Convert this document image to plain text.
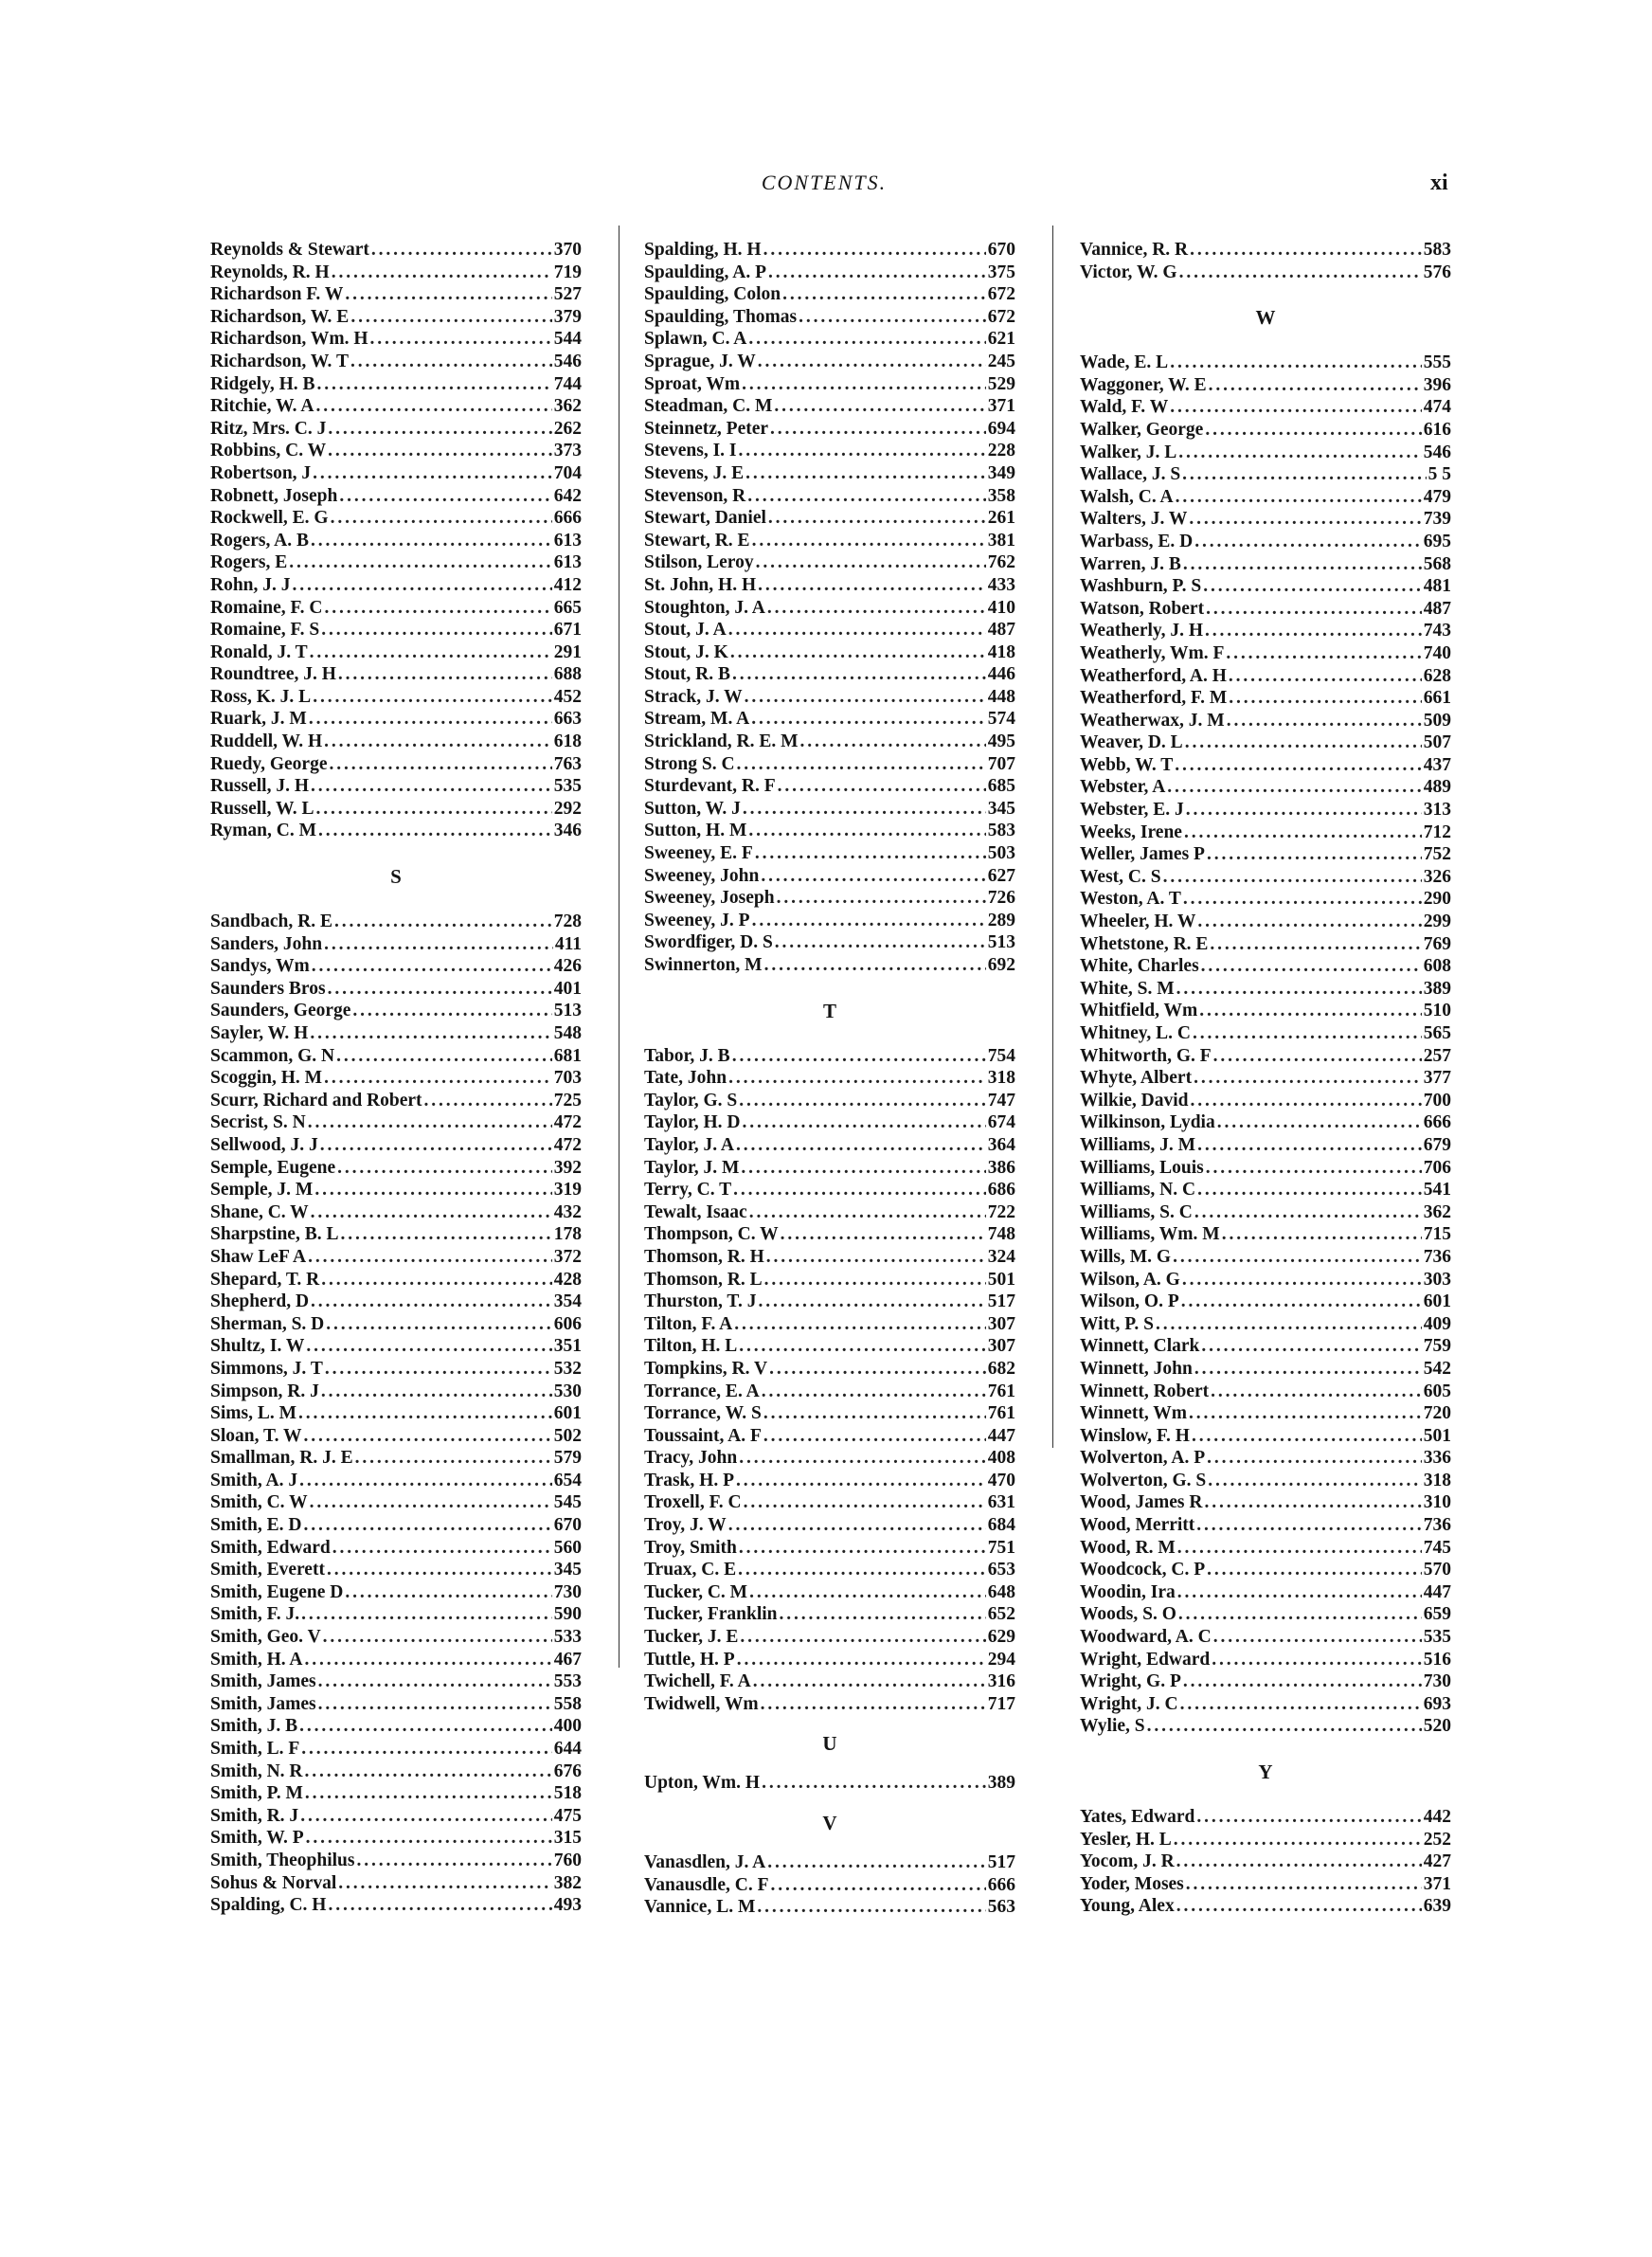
CONTENTS.	xi
Reynolds & Stewart . . .	370
Reynolds, R. H . . .	719
Richardson F. W . . .	527
Richardson, W. E . . .	379
Richardson, Wm. H . . .	544
Richardson, W. T . . .	546
Ridgely, H. B . . .	744
Ritchie, W. A . . .	362
Ritz, Mrs. C. J . . .	262
Robbins, C. W . . .	373
Robertson, J . . .	704
Robnett, Joseph . . .	642
Rockwell, E. G . . .	666
Rogers, A. B . . .	613
Rogers, E . . .	613
Rohn, J. J . . .	412
Romaine, F. C . . .	665
Romaine, F. S . . .	671
Ronald, J. T . . .	291
Roundtree, J. H . . .	688
Ross, K. J. L . . .	452
Ruark, J. M . . .	663
Ruddell, W. H . . .	618
Ruedy, George . . .	763
Russell, J. H . . .	535
Russell, W. L . . .	292
Ryman, C. M . . .	346
S
Sandbach, R. E . . .	728
Sanders, John . . .	411
Sandys, Wm . . .	426
Saunders Bros . . .	401
Saunders, George . . .	513
Sayler, W. H . . .	548
Scammon, G. N . . .	681
Scoggin, H. M . . .	703
Scurr, Richard and Robert . . .	725
Secrist, S. N . . .	472
Sellwood, J. J . . .	472
Semple, Eugene . . .	392
Semple, J. M . . .	319
Shane, C. W . . .	432
Sharpstine, B. L . . .	178
Shaw LeF A . . .	372
Shepard, T. R . . .	428
Shepherd, D . . .	354
Sherman, S. D . . .	606
Shultz, I. W . . .	351
Simmons, J. T . . .	532
Simpson, R. J . . .	530
Sims, L. M . . .	601
Sloan, T. W . . .	502
Smallman, R. J. E . . .	579
Smith, A. J . . .	654
Smith, C. W . . .	545
Smith, E. D . . .	670
Smith, Edward . . .	560
Smith, Everett . . .	345
Smith, Eugene D . . .	730
Smith, F. J. . . .	590
Smith, Geo. V . . .	533
Smith, H. A . . .	467
Smith, James . . .	553
Smith, James . . .	558
Smith, J. B . . .	400
Smith, L. F . . .	644
Smith, N. R . . .	676
Smith, P. M . . .	518
Smith, R. J . . .	475
Smith, W. P . . .	315
Smith, Theophilus . . .	760
Sohus & Norval . . .	382
Spalding, C. H . . .	493
Spalding, H. H . . .	670
Spaulding, A. P . . .	375
Spaulding, Colon . . .	672
Spaulding, Thomas . . .	672
Splawn, C. A . . .	621
Sprague, J. W . . .	245
Sproat, Wm . . .	529
Steadman, C. M . . .	371
Steinnetz, Peter . . .	694
Stevens, I. I . . .	228
Stevens, J. E . . .	349
Stevenson, R . . .	358
Stewart, Daniel . . .	261
Stewart, R. E . . .	381
Stilson, Leroy . . .	762
St. John, H. H . . .	433
Stoughton, J. A . . .	410
Stout, J. A . . .	487
Stout, J. K . . .	418
Stout, R. B . . .	446
Strack, J. W . . .	448
Stream, M. A . . .	574
Strickland, R. E. M . . .	495
Strong S. C . . .	707
Sturdevant, R. F . . .	685
Sutton, W. J . . .	345
Sutton, H. M . . .	583
Sweeney, E. F . . .	503
Sweeney, John . . .	627
Sweeney, Joseph . . .	726
Sweeney, J. P . . .	289
Swordfiger, D. S . . .	513
Swinnerton, M . . .	692
T
Tabor, J. B . . .	754
Tate, John . . .	318
Taylor, G. S . . .	747
Taylor, H. D . . .	674
Taylor, J. A . . .	364
Taylor, J. M . . .	386
Terry, C. T . . .	686
Tewalt, Isaac . . .	722
Thompson, C. W . . .	748
Thomson, R. H . . .	324
Thomson, R. L . . .	501
Thurston, T. J . . .	517
Tilton, F. A . . .	307
Tilton, H. L . . .	307
Tompkins, R. V . . .	682
Torrance, E. A . . .	761
Torrance, W. S . . .	761
Toussaint, A. F . . .	447
Tracy, John . . .	408
Trask, H. P . . .	470
Troxell, F. C . . .	631
Troy, J. W . . .	684
Troy, Smith . . .	751
Truax, C. E . . .	653
Tucker, C. M . . .	648
Tucker, Franklin . . .	652
Tucker, J. E . . .	629
Tuttle, H. P . . .	294
Twichell, F. A . . .	316
Twidwell, Wm . . .	717
U
Upton, Wm. H . . .	389
V
Vanasdlen, J. A . . .	517
Vanausdle, C. F . . .	666
Vannice, L. M . . .	563
Vannice, R. R . . .	583
Victor, W. G . . .	576
W
Wade, E. L . . .	555
Waggoner, W. E . . .	396
Wald, F. W . . .	474
Walker, George . . .	616
Walker, J. L . . .	546
Wallace, J. S . . .	5 5
Walsh, C. A . . .	479
Walters, J. W . . .	739
Warbass, E. D . . .	695
Warren, J. B . . .	568
Washburn, P. S . . .	481
Watson, Robert . . .	487
Weatherly, J. H . . .	743
Weatherly, Wm. F . . .	740
Weatherford, A. H . . .	628
Weatherford, F. M . . .	661
Weatherwax, J. M . . .	509
Weaver, D. L . . .	507
Webb, W. T . . .	437
Webster, A . . .	489
Webster, E. J . . .	313
Weeks, Irene . . .	712
Weller, James P . . .	752
West, C. S . . .	326
Weston, A. T . . .	290
Wheeler, H. W . . .	299
Whetstone, R. E . . .	769
White, Charles . . .	608
White, S. M . . .	389
Whitfield, Wm . . .	510
Whitney, L. C . . .	565
Whitworth, G. F . . .	257
Whyte, Albert . . .	377
Wilkie, David . . .	700
Wilkinson, Lydia . . .	666
Williams, J. M . . .	679
Williams, Louis . . .	706
Williams, N. C . . .	541
Williams, S. C . . .	362
Williams, Wm. M . . .	715
Wills, M. G . . .	736
Wilson, A. G . . .	303
Wilson, O. P . . .	601
Witt, P. S . . .	409
Winnett, Clark . . .	759
Winnett, John . . .	542
Winnett, Robert . . .	605
Winnett, Wm . . .	720
Winslow, F. H . . .	501
Wolverton, A. P . . .	336
Wolverton, G. S . . .	318
Wood, James R . . .	310
Wood, Merritt . . .	736
Wood, R. M . . .	745
Woodcock, C. P . . .	570
Woodin, Ira . . .	447
Woods, S. O . . .	659
Woodward, A. C . . .	535
Wright, Edward . . .	516
Wright, G. P . . .	730
Wright, J. C . . .	693
Wylie, S . . .	520
Y
Yates, Edward . . .	442
Yesler, H. L . . .	252
Yocom, J. R . . .	427
Yoder, Moses . . .	371
Young, Alex . . .	639
